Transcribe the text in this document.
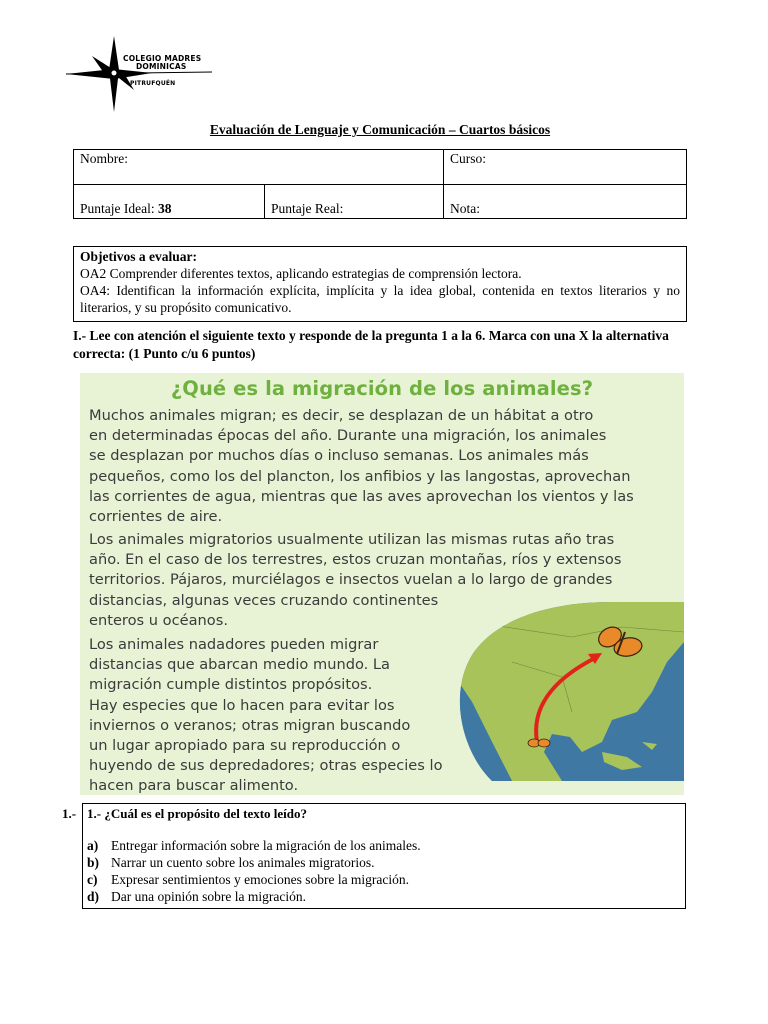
COLEGIO MADRES
DOMINICAS
PITRUFQUÉN
Evaluación de Lenguaje y Comunicación – Cuartos básicos
Nombre:		Curso:
Puntaje Ideal: 38	Puntaje Real:	Nota:
Objetivos a evaluar:
OA2 Comprender diferentes textos, aplicando estrategias de comprensión lectora.
OA4: Identifican la información explícita, implícita y la idea global, contenida en textos literarios y no literarios, y su propósito comunicativo.
I.- Lee con atención el siguiente texto y responde de la pregunta 1 a la 6. Marca con una X la alternativa correcta: (1 Punto c/u 6 puntos)
¿Qué es la migración de los animales?
Muchos animales migran; es decir, se desplazan de un hábitat a otro
en determinadas épocas del año. Durante una migración, los animales
se desplazan por muchos días o incluso semanas. Los animales más
pequeños, como los del plancton, los anfibios y las langostas, aprovechan
las corrientes de agua, mientras que las aves aprovechan los vientos y las
corrientes de aire.
Los animales migratorios usualmente utilizan las mismas rutas año tras
año. En el caso de los terrestres, estos cruzan montañas, ríos y extensos
territorios. Pájaros, murciélagos e insectos vuelan a lo largo de grandes
distancias, algunas veces cruzando continentes
enteros u océanos.
Los animales nadadores pueden migrar
distancias que abarcan medio mundo. La
migración cumple distintos propósitos.
Hay especies que lo hacen para evitar los
inviernos o veranos; otras migran buscando
un lugar apropiado para su reproducción o
huyendo de sus depredadores; otras especies lo
hacen para buscar alimento.
1.- 1.- ¿Cuál es el propósito del texto leído?
a) Entregar información sobre la migración de los animales.
b) Narrar un cuento sobre los animales migratorios.
c) Expresar sentimientos y emociones sobre la migración.
d) Dar una opinión sobre la migración.
